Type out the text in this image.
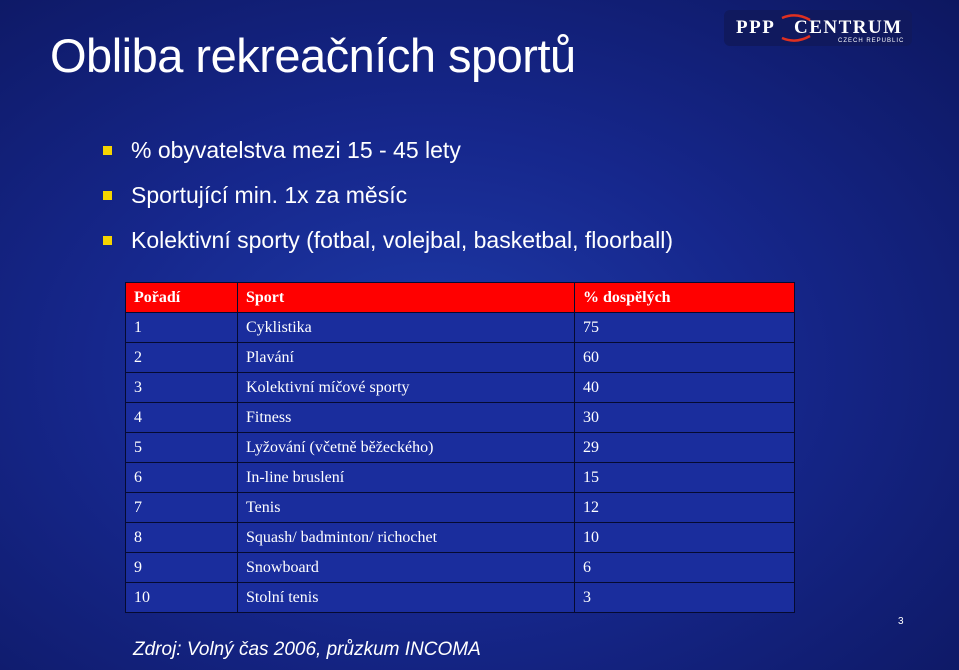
Obliba rekreačních sportů
PPP CENTRUM
CZECH REPUBLIC
% obyvatelstva mezi 15 - 45 lety
Sportující min. 1x za měsíc
Kolektivní sporty (fotbal, volejbal, basketbal, floorball)
Pořadí	Sport	% dospělých
1	Cyklistika	75
2	Plavání	60
3	Kolektivní míčové sporty	40
4	Fitness	30
5	Lyžování (včetně běžeckého)	29
6	In-line bruslení	15
7	Tenis	12
8	Squash/ badminton/ richochet	10
9	Snowboard	6
10	Stolní tenis	3
Zdroj: Volný čas 2006, průzkum INCOMA
3
